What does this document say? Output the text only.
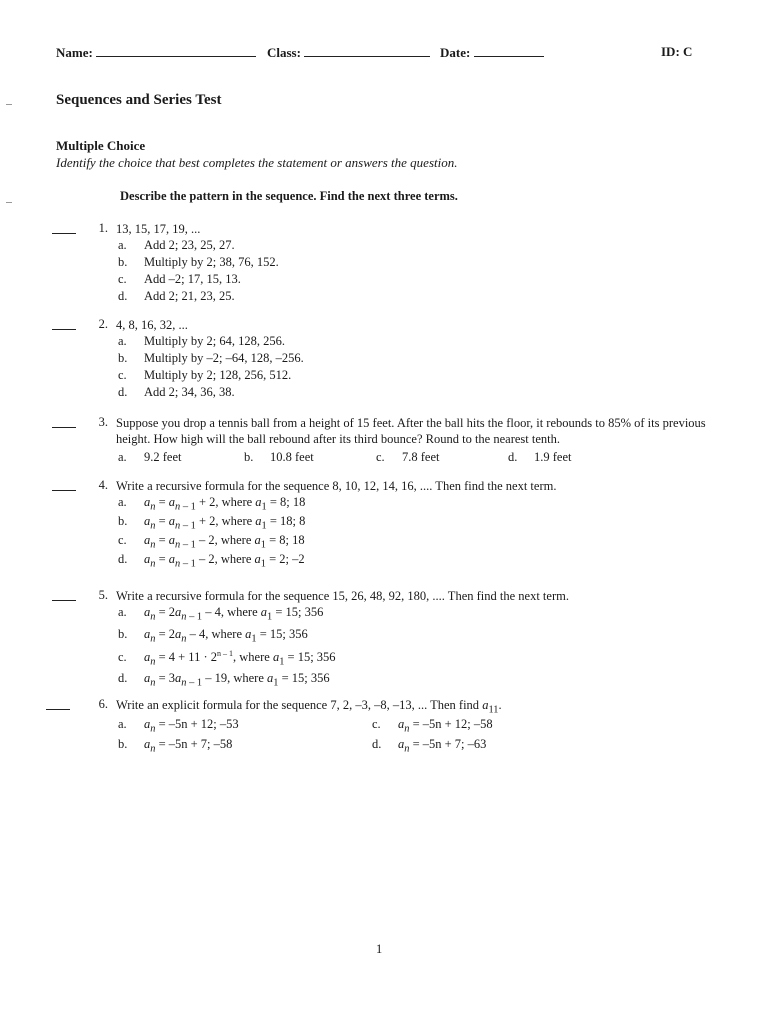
Name:	Class:	Date:	ID: C
Sequences and Series Test
Multiple Choice
Identify the choice that best completes the statement or answers the question.
Describe the pattern in the sequence. Find the next three terms.
1. 13, 15, 17, 19, ...
a. Add 2; 23, 25, 27.
b. Multiply by 2; 38, 76, 152.
c. Add –2; 17, 15, 13.
d. Add 2; 21, 23, 25.
2. 4, 8, 16, 32, ...
a. Multiply by 2; 64, 128, 256.
b. Multiply by –2; –64, 128, –256.
c. Multiply by 2; 128, 256, 512.
d. Add 2; 34, 36, 38.
3. Suppose you drop a tennis ball from a height of 15 feet. After the ball hits the floor, it rebounds to 85% of its previous height. How high will the ball rebound after its third bounce? Round to the nearest tenth.
a. 9.2 feet	b. 10.8 feet	c. 7.8 feet	d. 1.9 feet
4. Write a recursive formula for the sequence 8, 10, 12, 14, 16, .... Then find the next term.
a. $a_n = a_{n - 1} + 2$, where $a_1 = 8$; 18
b. $a_n = a_{n - 1} + 2$, where $a_1 = 18$; 8
c. $a_n = a_{n - 1} - 2$, where $a_1 = 8$; 18
d. $a_n = a_{n - 1} - 2$, where $a_1 = 2$; –2
5. Write a recursive formula for the sequence 15, 26, 48, 92, 180, .... Then find the next term.
a. $a_n = 2a_{n - 1} - 4$, where $a_1 = 15$; 356
b. $a_n = 2a_n - 4$, where $a_1 = 15$; 356
c. $a_n = 4 + 11 \cdot 2^{n - 1}$, where $a_1 = 15$; 356
d. $a_n = 3a_{n - 1} - 19$, where $a_1 = 15$; 356
6. Write an explicit formula for the sequence 7, 2, –3, –8, –13, ... Then find $a_{11}$.
a. $a_n = -5n + 12$; –53
b. $a_n = -5n + 7$; –58
c. $a_n = -5n + 12$; –58
d. $a_n = -5n + 7$; –63
1
